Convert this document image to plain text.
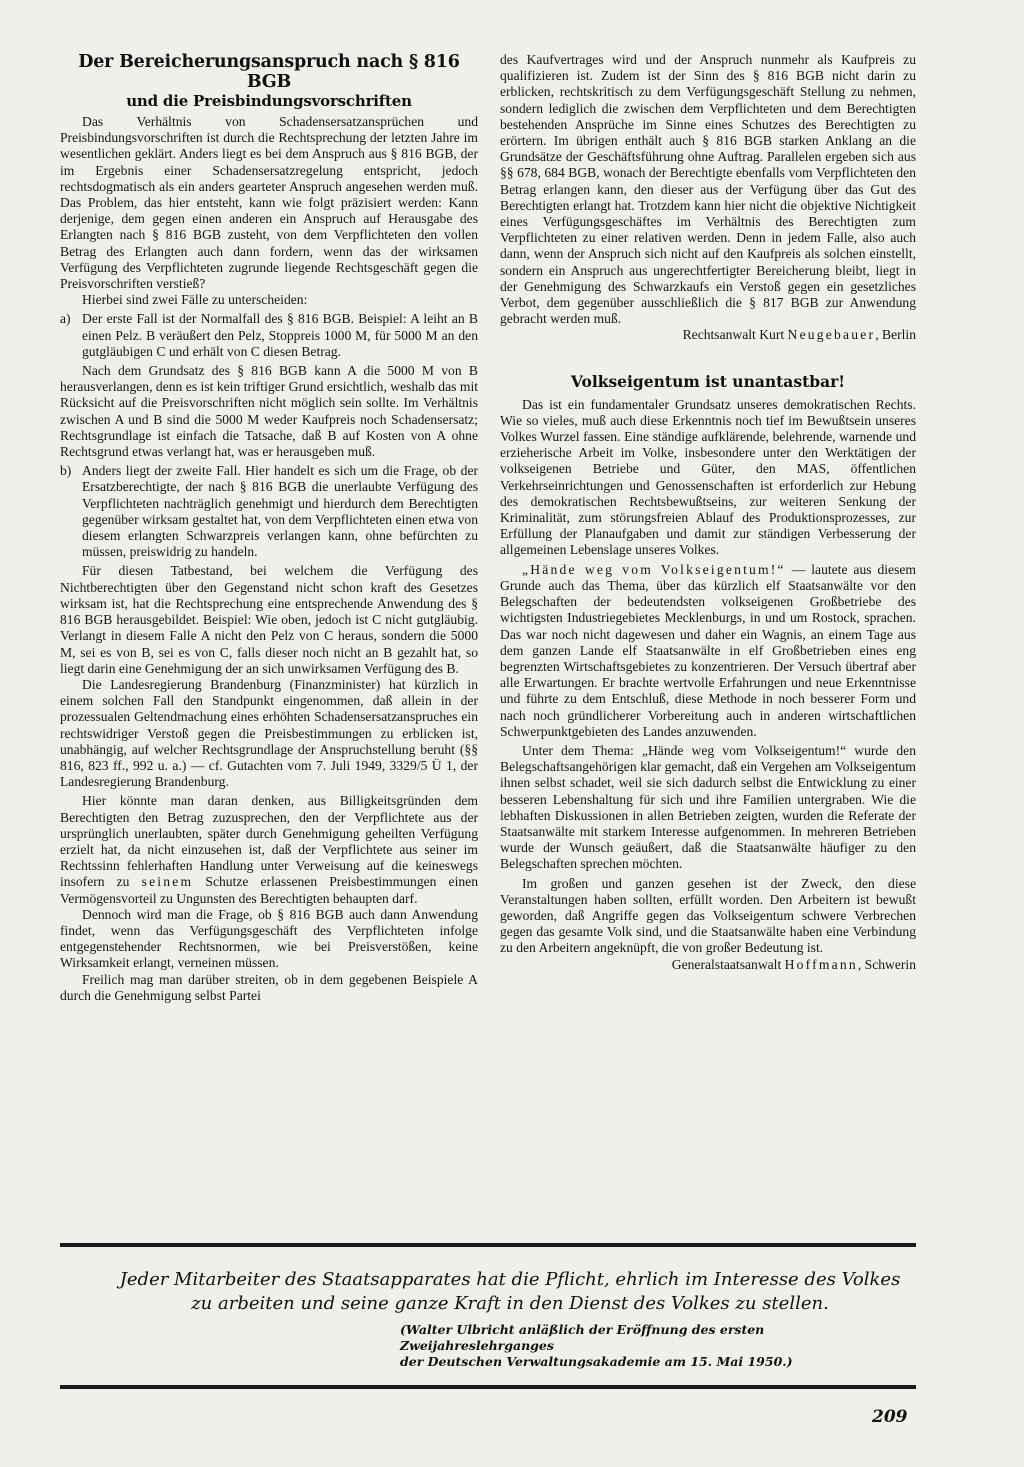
Der Bereicherungsanspruch nach § 816 BGB
und die Preisbindungsvorschriften

Das Verhältnis von Schadensersatzansprüchen und Preisbindungsvorschriften ist durch die Rechtsprechung der letzten Jahre im wesentlichen geklärt. Anders liegt es bei dem Anspruch aus § 816 BGB, der im Ergebnis einer Schadensersatzregelung entspricht, jedoch rechtsdogmatisch als ein anders gearteter Anspruch angesehen werden muß. Das Problem, das hier entsteht, kann wie folgt präzisiert werden: Kann derjenige, dem gegen einen anderen ein Anspruch auf Herausgabe des Erlangten nach § 816 BGB zusteht, von dem Verpflichteten den vollen Betrag des Erlangten auch dann fordern, wenn das der wirksamen Verfügung des Verpflichteten zugrunde liegende Rechtsgeschäft gegen die Preisvorschriften verstieß?

Hierbei sind zwei Fälle zu unterscheiden:

a) Der erste Fall ist der Normalfall des § 816 BGB. Beispiel: A leiht an B einen Pelz. B veräußert den Pelz, Stoppreis 1000 M, für 5000 M an den gutgläubigen C und erhält von C diesen Betrag.

Nach dem Grundsatz des § 816 BGB kann A die 5000 M von B herausverlangen, denn es ist kein triftiger Grund ersichtlich, weshalb das mit Rücksicht auf die Preisvorschriften nicht möglich sein sollte. Im Verhältnis zwischen A und B sind die 5000 M weder Kaufpreis noch Schadensersatz; Rechtsgrundlage ist einfach die Tatsache, daß B auf Kosten von A ohne Rechtsgrund etwas verlangt hat, was er herausgeben muß.

b) Anders liegt der zweite Fall. Hier handelt es sich um die Frage, ob der Ersatzberechtigte, der nach § 816 BGB die unerlaubte Verfügung des Verpflichteten nachträglich genehmigt und hierdurch dem Berechtigten gegenüber wirksam gestaltet hat, von dem Verpflichteten einen etwa von diesem erlangten Schwarzpreis verlangen kann, ohne befürchten zu müssen, preiswidrig zu handeln.

Für diesen Tatbestand, bei welchem die Verfügung des Nichtberechtigten über den Gegenstand nicht schon kraft des Gesetzes wirksam ist, hat die Rechtsprechung eine entsprechende Anwendung des § 816 BGB herausgebildet. Beispiel: Wie oben, jedoch ist C nicht gutgläubig. Verlangt in diesem Falle A nicht den Pelz von C heraus, sondern die 5000 M, sei es von B, sei es von C, falls dieser noch nicht an B gezahlt hat, so liegt darin eine Genehmigung der an sich unwirksamen Verfügung des B.

Die Landesregierung Brandenburg (Finanzminister) hat kürzlich in einem solchen Fall den Standpunkt eingenommen, daß allein in der prozessualen Geltendmachung eines erhöhten Schadensersatzanspruches ein rechtswidriger Verstoß gegen die Preisbestimmungen zu erblicken ist, unabhängig, auf welcher Rechtsgrundlage der Anspruchstellung beruht (§§ 816, 823 ff., 992 u. a.) — cf. Gutachten vom 7. Juli 1949, 3329/5 Ü 1, der Landesregierung Brandenburg.

Hier könnte man daran denken, aus Billigkeitsgründen dem Berechtigten den Betrag zuzusprechen, den der Verpflichtete aus der ursprünglich unerlaubten, später durch Genehmigung geheilten Verfügung erzielt hat, da nicht einzusehen ist, daß der Verpflichtete aus seiner im Rechtssinn fehlerhaften Handlung unter Verweisung auf die keineswegs insofern zu seinem Schutze erlassenen Preisbestimmungen einen Vermögensvorteil zu Ungunsten des Berechtigten behaupten darf.

Dennoch wird man die Frage, ob § 816 BGB auch dann Anwendung findet, wenn das Verfügungsgeschäft des Verpflichteten infolge entgegenstehender Rechtsnormen, wie bei Preisverstößen, keine Wirksamkeit erlangt, verneinen müssen.

Freilich mag man darüber streiten, ob in dem gegebenen Beispiele A durch die Genehmigung selbst Partei

des Kaufvertrages wird und der Anspruch nunmehr als Kaufpreis zu qualifizieren ist. Zudem ist der Sinn des § 816 BGB nicht darin zu erblicken, rechtskritisch zu dem Verfügungsgeschäft Stellung zu nehmen, sondern lediglich die zwischen dem Verpflichteten und dem Berechtigten bestehenden Ansprüche im Sinne eines Schutzes des Berechtigten zu erörtern. Im übrigen enthält auch § 816 BGB starken Anklang an die Grundsätze der Geschäftsführung ohne Auftrag. Parallelen ergeben sich aus §§ 678, 684 BGB, wonach der Berechtigte ebenfalls vom Verpflichteten den Betrag erlangen kann, den dieser aus der Verfügung über das Gut des Berechtigten erlangt hat. Trotzdem kann hier nicht die objektive Nichtigkeit eines Verfügungsgeschäftes im Verhältnis des Berechtigten zum Verpflichteten zu einer relativen werden. Denn in jedem Falle, also auch dann, wenn der Anspruch sich nicht auf den Kaufpreis als solchen einstellt, sondern ein Anspruch aus ungerechtfertigter Bereicherung bleibt, liegt in der Genehmigung des Schwarzkaufs ein Verstoß gegen ein gesetzliches Verbot, dem gegenüber ausschließlich die § 817 BGB zur Anwendung gebracht werden muß.

Rechtsanwalt Kurt Neugebauer, Berlin

Volkseigentum ist unantastbar!

Das ist ein fundamentaler Grundsatz unseres demokratischen Rechts. Wie so vieles, muß auch diese Erkenntnis noch tief im Bewußtsein unseres Volkes Wurzel fassen. Eine ständige aufklärende, belehrende, warnende und erzieherische Arbeit im Volke, insbesondere unter den Werktätigen der volkseigenen Betriebe und Güter, den MAS, öffentlichen Verkehrseinrichtungen und Genossenschaften ist erforderlich zur Hebung des demokratischen Rechtsbewußtseins, zur weiteren Senkung der Kriminalität, zum störungsfreien Ablauf des Produktionsprozesses, zur Erfüllung der Planaufgaben und damit zur ständigen Verbesserung der allgemeinen Lebenslage unseres Volkes.

„Hände weg vom Volkseigentum!“ — lautete aus diesem Grunde auch das Thema, über das kürzlich elf Staatsanwälte vor den Belegschaften der bedeutendsten volkseigenen Großbetriebe des wichtigsten Industriegebietes Mecklenburgs, in und um Rostock, sprachen. Das war noch nicht dagewesen und daher ein Wagnis, an einem Tage aus dem ganzen Lande elf Staatsanwälte in elf Großbetrieben eines eng begrenzten Wirtschaftsgebietes zu konzentrieren. Der Versuch übertraf aber alle Erwartungen. Er brachte wertvolle Erfahrungen und neue Erkenntnisse und führte zu dem Entschluß, diese Methode in noch besserer Form und nach noch gründlicherer Vorbereitung auch in anderen wirtschaftlichen Schwerpunktgebieten des Landes anzuwenden.

Unter dem Thema: „Hände weg vom Volkseigentum!“ wurde den Belegschaftsangehörigen klar gemacht, daß ein Vergehen am Volkseigentum ihnen selbst schadet, weil sie sich dadurch selbst die Entwicklung zu einer besseren Lebenshaltung für sich und ihre Familien untergraben. Wie die lebhaften Diskussionen in allen Betrieben zeigten, wurden die Referate der Staatsanwälte mit starkem Interesse aufgenommen. In mehreren Betrieben wurde der Wunsch geäußert, daß die Staatsanwälte häufiger zu den Belegschaften sprechen möchten.

Im großen und ganzen gesehen ist der Zweck, den diese Veranstaltungen haben sollten, erfüllt worden. Den Arbeitern ist bewußt geworden, daß Angriffe gegen das Volkseigentum schwere Verbrechen gegen das gesamte Volk sind, und die Staatsanwälte haben eine Verbindung zu den Arbeitern angeknüpft, die von großer Bedeutung ist.

Generalstaatsanwalt Hoffmann, Schwerin

Jeder Mitarbeiter des Staatsapparates hat die Pflicht, ehrlich im Interesse des Volkes
zu arbeiten und seine ganze Kraft in den Dienst des Volkes zu stellen.
(Walter Ulbricht anläßlich der Eröffnung des ersten Zweijahreslehrganges
der Deutschen Verwaltungsakademie am 15. Mai 1950.)
209
